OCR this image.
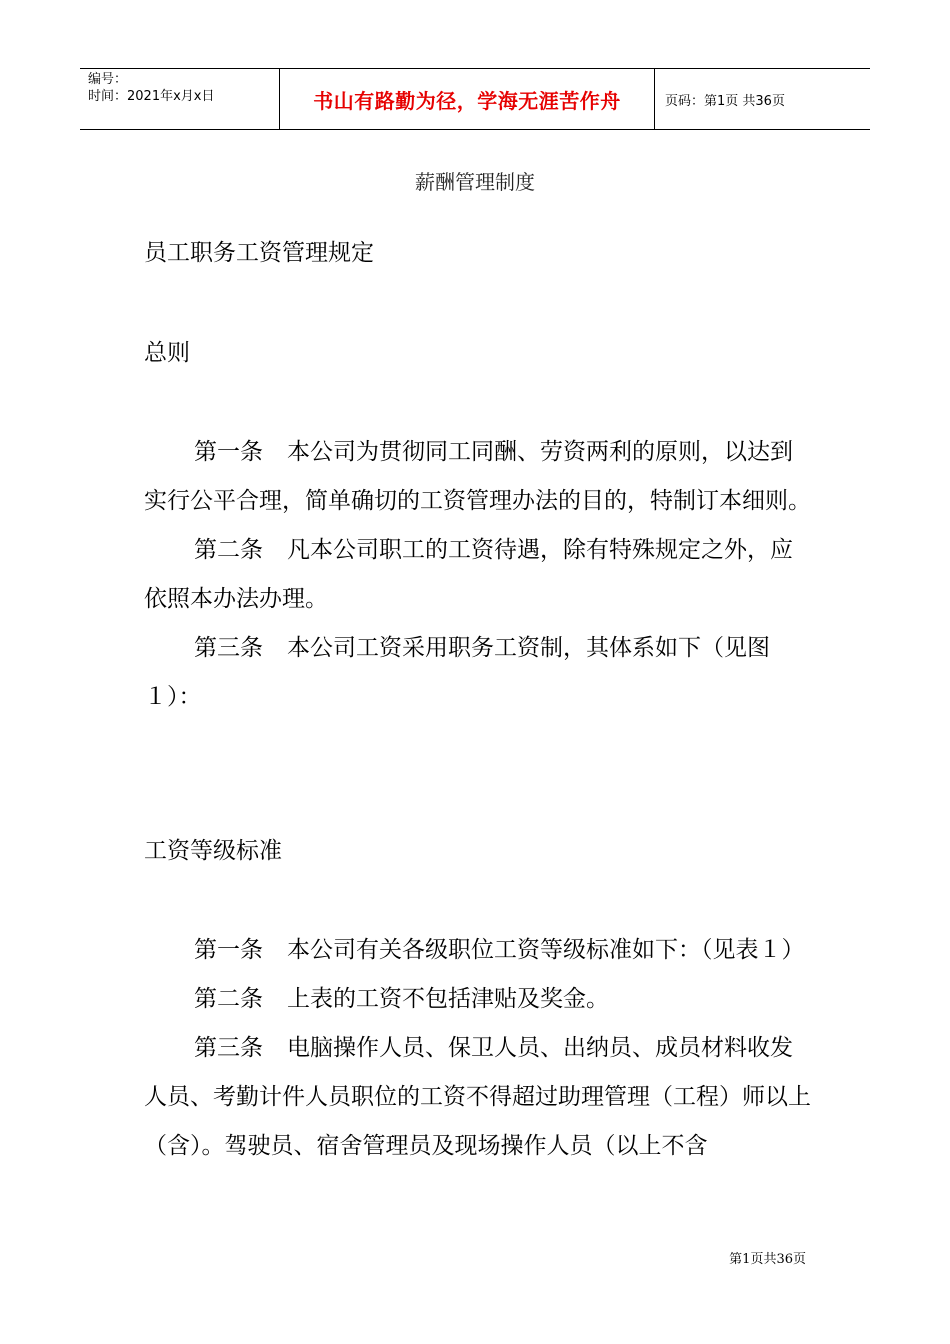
编号：
时间：2021年x月x日	书山有路勤为径，学海无涯苦作舟	页码：第1页 共36页
薪酬管理制度
员工职务工资管理规定
总则

第一条 本公司为贯彻同工同酬、劳资两利的原则，以达到实行公平合理，简单确切的工资管理办法的目的，特制订本细则。

第二条 凡本公司职工的工资待遇，除有特殊规定之外，应依照本办法办理。

第三条 本公司工资采用职务工资制，其体系如下（见图１）：

工资等级标准

第一条 本公司有关各级职位工资等级标准如下：（见表１）

第二条 上表的工资不包括津贴及奖金。

第三条 电脑操作人员、保卫人员、出纳员、成员材料收发人员、考勤计件人员职位的工资不得超过助理管理（工程）师以上（含）。驾驶员、宿舍管理员及现场操作人员（以上不含

第1页共36页
